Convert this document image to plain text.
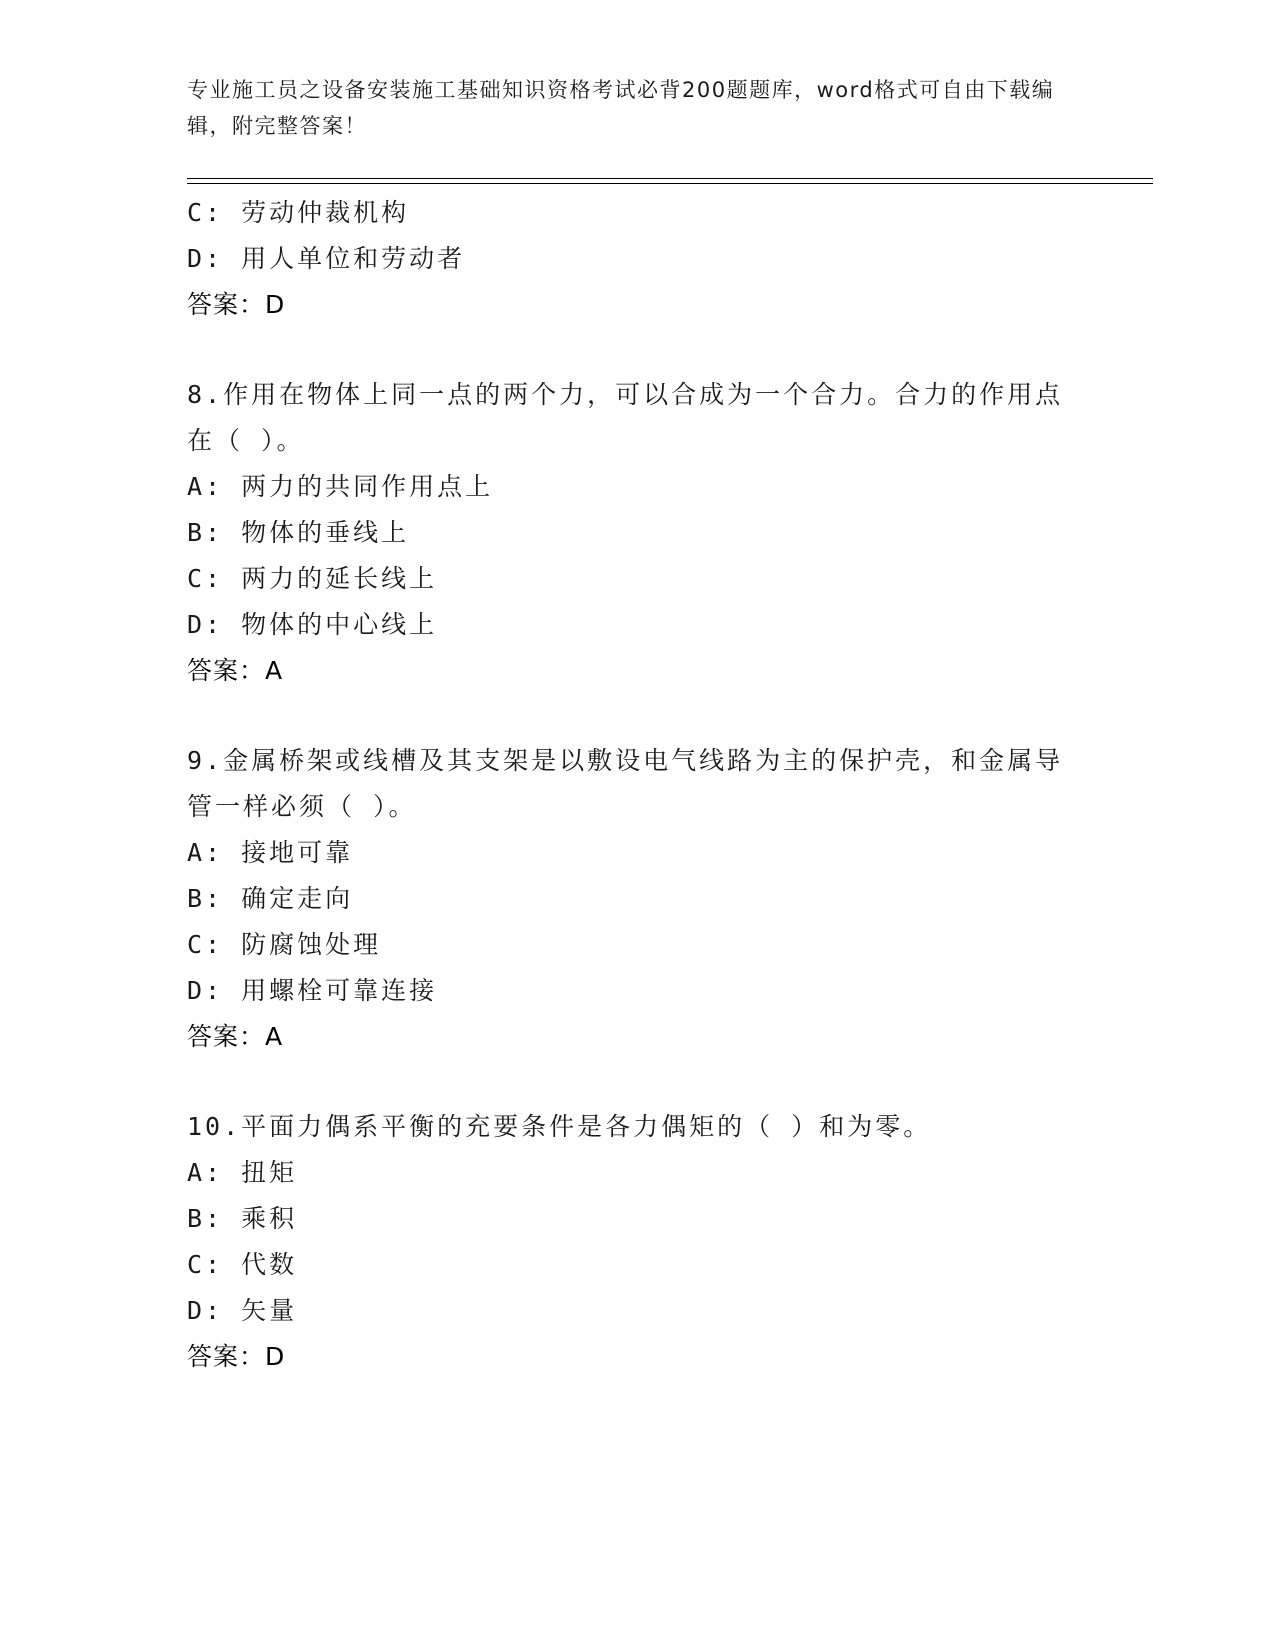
专业施工员之设备安装施工基础知识资格考试必背200题题库，word格式可自由下载编辑，附完整答案！
C: 劳动仲裁机构
D: 用人单位和劳动者
答案：D
8.作用在物体上同一点的两个力，可以合成为一个合力。合力的作用点在（ ）。
A: 两力的共同作用点上
B: 物体的垂线上
C: 两力的延长线上
D: 物体的中心线上
答案：A
9.金属桥架或线槽及其支架是以敷设电气线路为主的保护壳，和金属导管一样必须（ ）。
A: 接地可靠
B: 确定走向
C: 防腐蚀处理
D: 用螺栓可靠连接
答案：A
10.平面力偶系平衡的充要条件是各力偶矩的（ ）和为零。
A: 扭矩
B: 乘积
C: 代数
D: 矢量
答案：D
